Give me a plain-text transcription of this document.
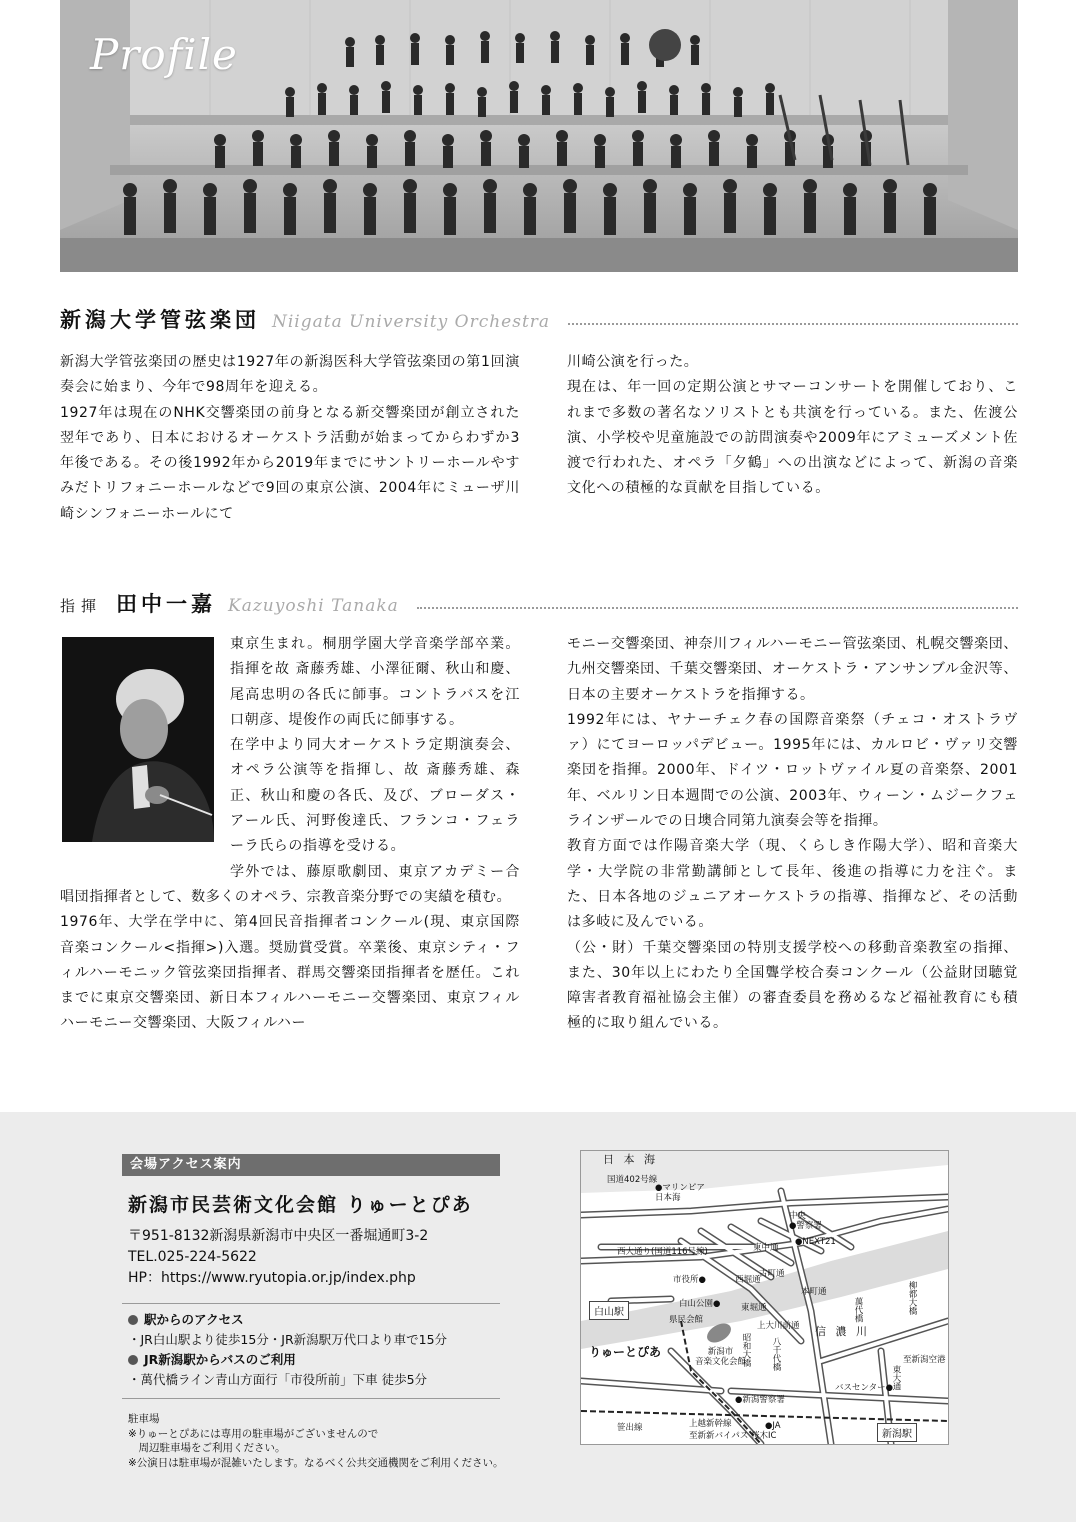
Profile
新潟大学管弦楽団 Niigata University Orchestra

新潟大学管弦楽団の歴史は1927年の新潟医科大学管弦楽団の第1回演奏会に始まり、今年で98周年を迎える。

1927年は現在のNHK交響楽団の前身となる新交響楽団が創立された翌年であり、日本におけるオーケストラ活動が始まってからわずか3年後である。その後1992年から2019年までにサントリーホールやすみだトリフォニーホールなどで9回の東京公演、2004年にミューザ川崎シンフォニーホールにて

川崎公演を行った。

現在は、年一回の定期公演とサマーコンサートを開催しており、これまで多数の著名なソリストとも共演を行っている。また、佐渡公演、小学校や児童施設での訪問演奏や2009年にアミューズメント佐渡で行われた、オペラ「夕鶴」への出演などによって、新潟の音楽文化への積極的な貢献を目指している。

指揮 田中一嘉 Kazuyoshi Tanaka

東京生まれ。桐朋学園大学音楽学部卒業。指揮を故 斎藤秀雄、小澤征爾、秋山和慶、尾高忠明の各氏に師事。コントラバスを江口朝彦、堤俊作の両氏に師事する。

在学中より同大オーケストラ定期演奏会、オペラ公演等を指揮し、故 斎藤秀雄、森正、秋山和慶の各氏、及び、ブローダス・アール氏、河野俊達氏、フランコ・フェラーラ氏らの指導を受ける。

学外では、藤原歌劇団、東京アカデミー合唱団指揮者として、数多くのオペラ、宗教音楽分野での実績を積む。

1976年、大学在学中に、第4回民音指揮者コンクール(現、東京国際音楽コンクール<指揮>)入選。奨励賞受賞。卒業後、東京シティ・フィルハーモニック管弦楽団指揮者、群馬交響楽団指揮者を歴任。これまでに東京交響楽団、新日本フィルハーモニー交響楽団、東京フィルハーモニー交響楽団、大阪フィルハー

モニー交響楽団、神奈川フィルハーモニー管弦楽団、札幌交響楽団、九州交響楽団、千葉交響楽団、オーケストラ・アンサンブル金沢等、日本の主要オーケストラを指揮する。

1992年には、ヤナーチェク春の国際音楽祭（チェコ・オストラヴァ）にてヨーロッパデビュー。1995年には、カルロビ・ヴァリ交響楽団を指揮。2000年、ドイツ・ロットヴァイル夏の音楽祭、2001年、ベルリン日本週間での公演、2003年、ウィーン・ムジークフェラインザールでの日墺合同第九演奏会等を指揮。

教育方面では作陽音楽大学（現、くらしき作陽大学）、昭和音楽大学・大学院の非常勤講師として長年、後進の指導に力を注ぐ。また、日本各地のジュニアオーケストラの指導、指揮など、その活動は多岐に及んでいる。

（公・財）千葉交響楽団の特別支援学校への移動音楽教室の指揮、また、30年以上にわたり全国聾学校合奏コンクール（公益財団聴覚障害者教育福祉協会主催）の審査委員を務めるなど福祉教育にも積極的に取り組んでいる。

会場アクセス案内
新潟市民芸術文化会館 りゅーとぴあ
〒951-8132新潟県新潟市中央区一番堀通町3-2
TEL.025-224-5622
HP：https://www.ryutopia.or.jp/index.php
駅からのアクセス
・JR白山駅より徒歩15分・JR新潟駅万代口より車で15分
JR新潟駅からバスのご利用
・萬代橋ライン青山方面行「市役所前」下車 徒歩5分
駐車場
※りゅーとぴあには専用の駐車場がございませんので
　周辺駐車場をご利用ください。
※公演日は駐車場が混雑いたします。なるべく公共交通機関をご利用ください。
日 本 海
国道402号線
●マリンピア
日本海
中央
●警察署
●NEXT21
西大通り(国道116号線)
市役所●	西堀通
古町通
東中通
本町通
東堀通
上大川前通
白山公園●
白山駅
県民会館
りゅーとぴあ	新潟市
音楽文化会館
昭和大橋 八千代橋
萬代橋
信 濃 川
柳都大橋
至新潟空港
バスセンター●
東大通
●新潟警察署
笹出線	上越新幹線	●JA
至新新バイパス 桜木IC	新潟駅
